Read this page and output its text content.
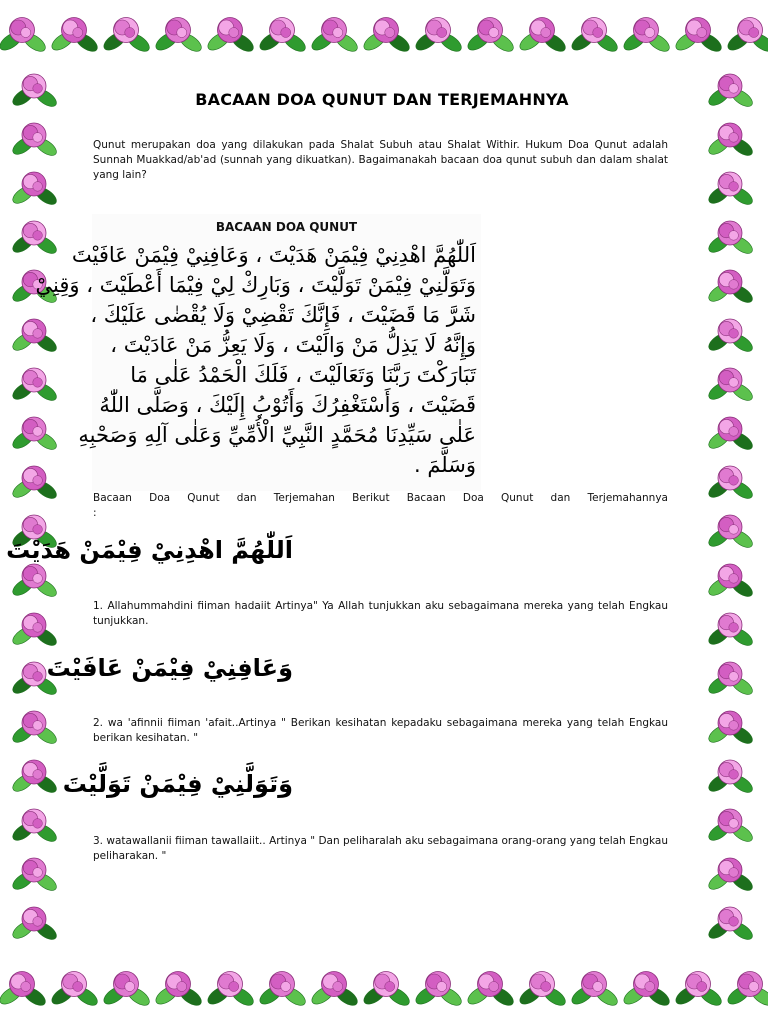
BACAAN DOA QUNUT DAN TERJEMAHNYA
Qunut merupakan doa yang dilakukan pada Shalat Subuh atau Shalat Withir. Hukum Doa Qunut adalah Sunnah Muakkad/ab'ad (sunnah yang dikuatkan). Bagaimanakah bacaan doa qunut subuh dan dalam shalat yang lain?
BACAAN DOA QUNUT
اَللّٰهُمَّ اهْدِنِيْ فِيْمَنْ هَدَيْتَ ، وَعَافِنِيْ فِيْمَنْ عَافَيْتَ
وَتَوَلَّنِيْ فِيْمَنْ تَوَلَّيْتَ ، وَبَارِكْ لِيْ فِيْمَا أَعْطَيْتَ ، وَقِنِيْ
شَرَّ مَا قَضَيْتَ ، فَإِنَّكَ تَقْضِيْ وَلَا يُقْضٰى عَلَيْكَ ،
وَإِنَّهُ لَا يَذِلُّ مَنْ وَالَيْتَ ، وَلَا يَعِزُّ مَنْ عَادَيْتَ ،
تَبَارَكْتَ رَبَّنَا وَتَعَالَيْتَ ، فَلَكَ الْحَمْدُ عَلٰى مَا
قَضَيْتَ ، وَأَسْتَغْفِرُكَ وَأَتُوْبُ إِلَيْكَ ، وَصَلَّى اللّٰهُ
عَلٰى سَيِّدِنَا مُحَمَّدٍ النَّبِيِّ الْأُمِّيِّ وَعَلٰى آلِهِ وَصَحْبِهِ
وَسَلَّمَ .
Bacaan Doa Qunut dan Terjemahan Berikut Bacaan Doa Qunut dan Terjemahannya :
اَللّٰهُمَّ اهْدِنِيْ فِيْمَنْ هَدَيْتَ
1. Allahummahdini fiiman hadaiit Artinya" Ya Allah tunjukkan aku sebagaimana mereka yang telah Engkau tunjukkan.
وَعَافِنِيْ فِيْمَنْ عَافَيْتَ
2. wa 'afinnii fiiman 'afait..Artinya " Berikan kesihatan kepadaku sebagaimana mereka yang telah Engkau berikan kesihatan. "
وَتَوَلَّنِيْ فِيْمَنْ تَوَلَّيْتَ
3. watawallanii fiiman tawallaiit.. Artinya " Dan peliharalah aku sebagaimana orang-orang yang telah Engkau peliharakan. "
